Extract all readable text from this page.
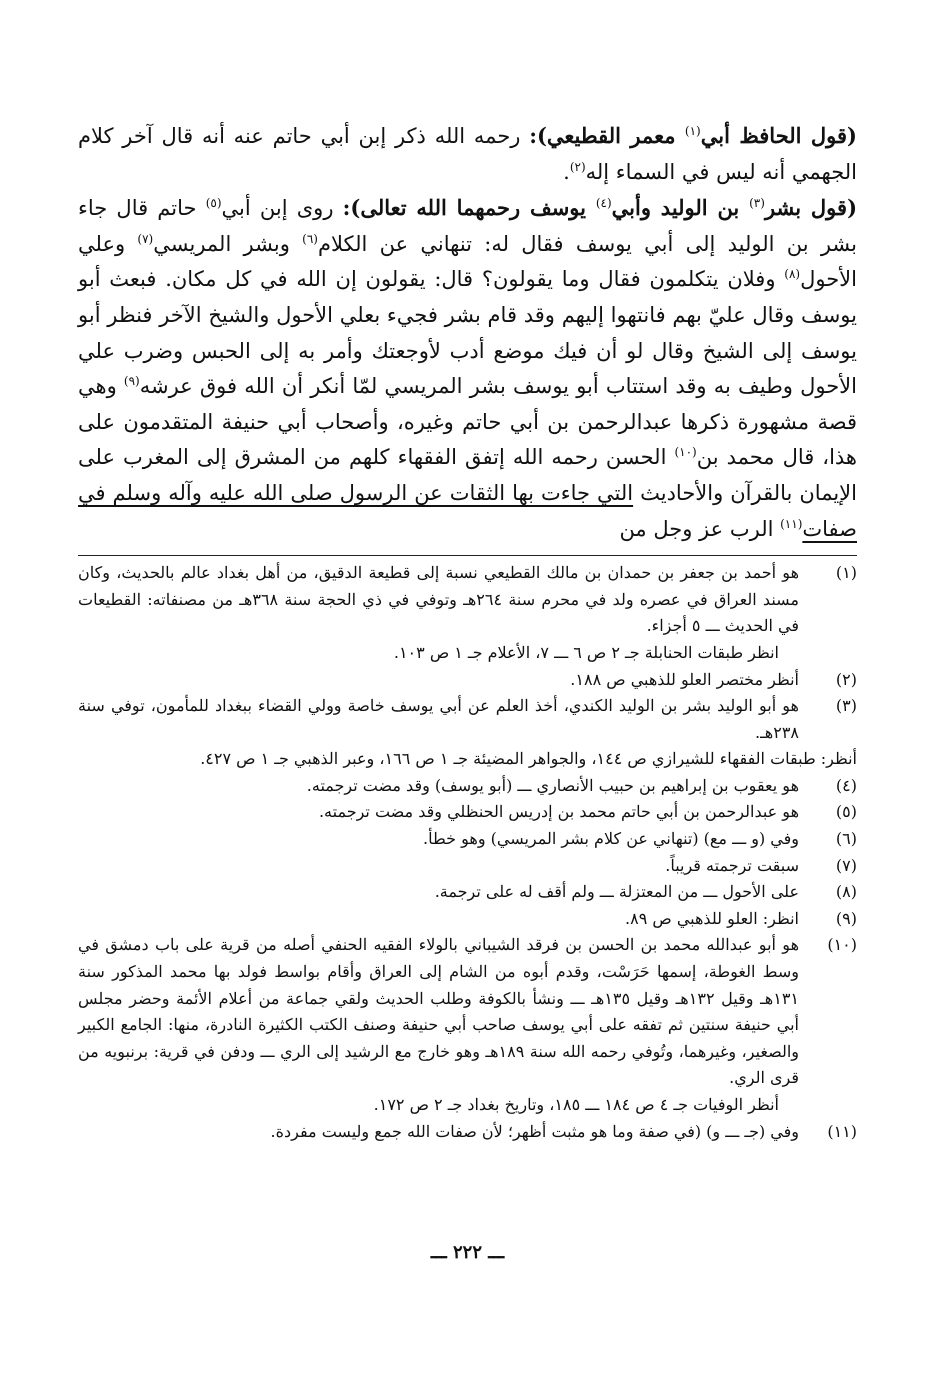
(قول الحافظ أبي$^{(١)}$ معمر القطيعي): رحمه الله ذكر إبن أبي حاتم عنه أنه قال آخر كلام الجهمي أنه ليس في السماء إله$^{(٢)}$.

(قول بشر$^{(٣)}$ بن الوليد وأبي$^{(٤)}$ يوسف رحمهما الله تعالى): روى إبن أبي$^{(٥)}$ حاتم قال جاء بشر بن الوليد إلى أبي يوسف فقال له: تنهاني عن الكلام$^{(٦)}$ وبشر المريسي$^{(٧)}$ وعلي الأحول$^{(٨)}$ وفلان يتكلمون فقال وما يقولون؟ قال: يقولون إن الله في كل مكان. فبعث أبو يوسف وقال عليّ بهم فانتهوا إليهم وقد قام بشر فجيء بعلي الأحول والشيخ الآخر فنظر أبو يوسف إلى الشيخ وقال لو أن فيك موضع أدب لأوجعتك وأمر به إلى الحبس وضرب علي الأحول وطيف به وقد استتاب أبو يوسف بشر المريسي لمّا أنكر أن الله فوق عرشه$^{(٩)}$ وهي قصة مشهورة ذكرها عبدالرحمن بن أبي حاتم وغيره، وأصحاب أبي حنيفة المتقدمون على هذا، قال محمد بن$^{(١٠)}$ الحسن رحمه الله إتفق الفقهاء كلهم من المشرق إلى المغرب على الإيمان بالقرآن والأحاديث التي جاءت بها الثقات عن الرسول صلى الله عليه وآله وسلم في صفات$^{(١١)}$ الرب عز وجل من

(١)
هو أحمد بن جعفر بن حمدان بن مالك القطيعي نسبة إلى قطيعة الدقيق، من أهل بغداد عالم بالحديث، وكان مسند العراق في عصره ولد في محرم سنة ٢٦٤هـ وتوفي في ذي الحجة سنة ٣٦٨هـ من مصنفاته: القطيعات في الحديث ـــ ٥ أجزاء.
انظر طبقات الحنابلة جـ ٢ ص ٦ ـــ ٧، الأعلام جـ ١ ص ١٠٣.
(٢)
أنظر مختصر العلو للذهبي ص ١٨٨.
(٣)
هو أبو الوليد بشر بن الوليد الكندي، أخذ العلم عن أبي يوسف خاصة وولي القضاء ببغداد للمأمون، توفي سنة ٢٣٨هـ.
أنظر: طبقات الفقهاء للشيرازي ص ١٤٤، والجواهر المضيئة جـ ١ ص ١٦٦، وعبر الذهبي جـ ١ ص ٤٢٧.
(٤)
هو يعقوب بن إبراهيم بن حبيب الأنصاري ـــ (أبو يوسف) وقد مضت ترجمته.
(٥)
هو عبدالرحمن بن أبي حاتم محمد بن إدريس الحنظلي وقد مضت ترجمته.
(٦)
وفي (و ـــ مع) (تنهاني عن كلام بشر المريسي) وهو خطأ.
(٧)
سبقت ترجمته قريباً.
(٨)
على الأحول ـــ من المعتزلة ـــ ولم أقف له على ترجمة.
(٩)
انظر: العلو للذهبي ص ٨٩.
(١٠)
هو أبو عبدالله محمد بن الحسن بن فرقد الشيباني بالولاء الفقيه الحنفي أصله من قرية على باب دمشق في وسط الغوطة، إسمها حَرَسْت، وقدم أبوه من الشام إلى العراق وأقام بواسط فولد بها محمد المذكور سنة ١٣١هـ وقيل ١٣٢هـ وقيل ١٣٥هـ ـــ ونشأ بالكوفة وطلب الحديث ولقي جماعة من أعلام الأئمة وحضر مجلس أبي حنيفة سنتين ثم تفقه على أبي يوسف صاحب أبي حنيفة وصنف الكتب الكثيرة النادرة، منها: الجامع الكبير والصغير، وغيرهما، وتُوفي رحمه الله سنة ١٨٩هـ وهو خارج مع الرشيد إلى الري ـــ ودفن في قرية: برنبويه من قرى الري.
أنظر الوفيات جـ ٤ ص ١٨٤ ـــ ١٨٥، وتاريخ بغداد جـ ٢ ص ١٧٢.
(١١)
وفي (جـ ـــ و) (في صفة وما هو مثبت أظهر؛ لأن صفات الله جمع وليست مفردة.
ـــ ٢٢٢ ـــ
